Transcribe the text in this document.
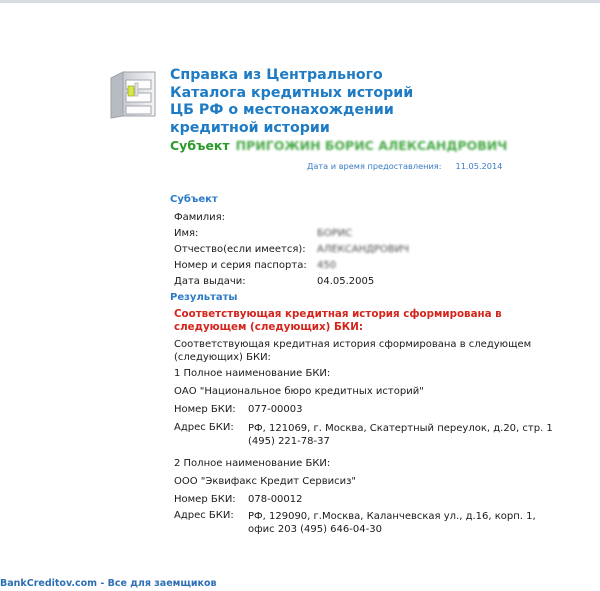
Справка из Центрального
Каталога кредитных историй
ЦБ РФ о местонахождении
кредитной истории
Субъект ПРИГОЖИН БОРИС АЛЕКСАНДРОВИЧ
Дата и время предоставления: 11.05.2014
Субъект
Фамилия:
Имя:	БОРИС
Отчество(если имеется): АЛЕКСАНДРОВИЧ
Номер и серия паспорта: 450
Дата выдачи:	04.05.2005
Результаты
Соответствующая кредитная история сформирована в следующем (следующих) БКИ:
Соответствующая кредитная история сформирована в следующем (следующих) БКИ:
1 Полное наименование БКИ:
ОАО "Национальное бюро кредитных историй"
Номер БКИ: 077-00003
Адрес БКИ: РФ, 121069, г. Москва, Скатертный переулок, д.20, стр. 1 (495) 221-78-37
2 Полное наименование БКИ:
ООО "Эквифакс Кредит Сервисиз"
Номер БКИ: 078-00012
Адрес БКИ: РФ, 129090, г.Москва, Каланчевская ул., д.16, корп. 1, офис 203 (495) 646-04-30
BankCreditov.com - Все для заемщиков
